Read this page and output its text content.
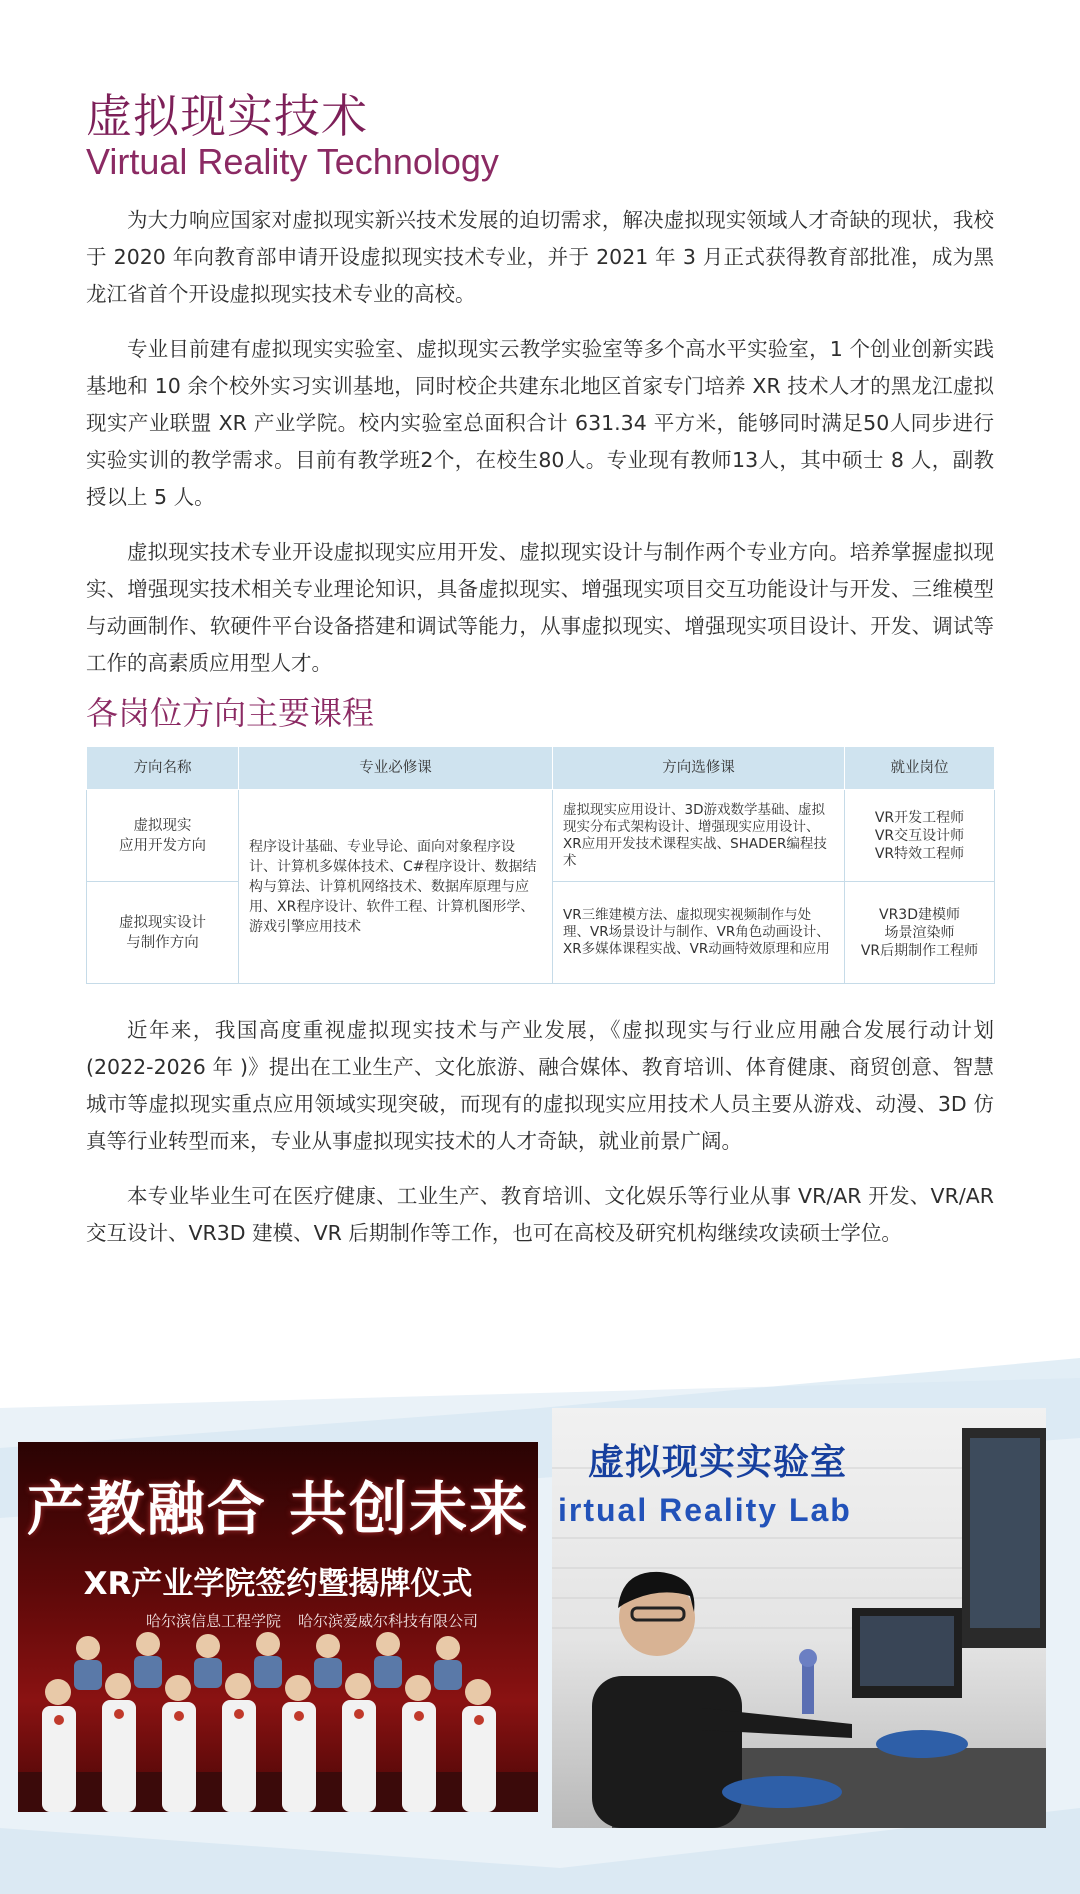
虚拟现实技术
Virtual Reality Technology

为大力响应国家对虚拟现实新兴技术发展的迫切需求，解决虚拟现实领域人才奇缺的现状，我校于 2020 年向教育部申请开设虚拟现实技术专业，并于 2021 年 3 月正式获得教育部批准，成为黑龙江省首个开设虚拟现实技术专业的高校。

专业目前建有虚拟现实实验室、虚拟现实云教学实验室等多个高水平实验室，1 个创业创新实践基地和 10 余个校外实习实训基地，同时校企共建东北地区首家专门培养 XR 技术人才的黑龙江虚拟现实产业联盟 XR 产业学院。校内实验室总面积合计 631.34 平方米，能够同时满足50人同步进行实验实训的教学需求。目前有教学班2个，在校生80人。专业现有教师13人，其中硕士 8 人，副教授以上 5 人。

虚拟现实技术专业开设虚拟现实应用开发、虚拟现实设计与制作两个专业方向。培养掌握虚拟现实、增强现实技术相关专业理论知识，具备虚拟现实、增强现实项目交互功能设计与开发、三维模型与动画制作、软硬件平台设备搭建和调试等能力，从事虚拟现实、增强现实项目设计、开发、调试等工作的高素质应用型人才。

各岗位方向主要课程
方向名称	专业必修课	方向选修课	就业岗位
虚拟现实
应用开发方向	程序设计基础、专业导论、面向对象程序设计、计算机多媒体技术、C#程序设计、数据结构与算法、计算机网络技术、数据库原理与应用、XR程序设计、软件工程、计算机图形学、游戏引擎应用技术	虚拟现实应用设计、3D游戏数学基础、虚拟现实分布式架构设计、增强现实应用设计、XR应用开发技术课程实战、SHADER编程技术	VR开发工程师
VR交互设计师
VR特效工程师
虚拟现实设计
与制作方向		VR三维建模方法、虚拟现实视频制作与处理、VR场景设计与制作、VR角色动画设计、XR多媒体课程实战、VR动画特效原理和应用	VR3D建模师
场景渲染师
VR后期制作工程师

近年来，我国高度重视虚拟现实技术与产业发展，《虚拟现实与行业应用融合发展行动计划 (2022-2026 年 )》提出在工业生产、文化旅游、融合媒体、教育培训、体育健康、商贸创意、智慧城市等虚拟现实重点应用领域实现突破，而现有的虚拟现实应用技术人员主要从游戏、动漫、3D 仿真等行业转型而来，专业从事虚拟现实技术的人才奇缺，就业前景广阔。

本专业毕业生可在医疗健康、工业生产、教育培训、文化娱乐等行业从事 VR/AR 开发、VR/AR 交互设计、VR3D 建模、VR 后期制作等工作，也可在高校及研究机构继续攻读硕士学位。

产教融合 共创未来
XR产业学院签约暨揭牌仪式
哈尔滨信息工程学院 哈尔滨爱威尔科技有限公司
虚拟现实实验室
irtual Reality Lab
